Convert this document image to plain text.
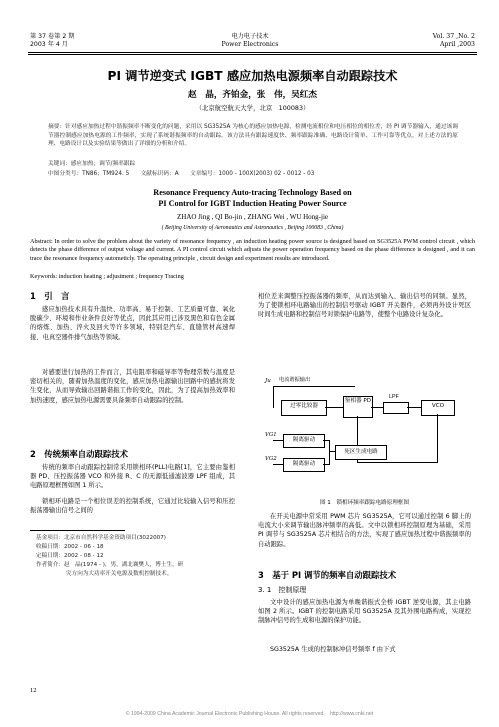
第 37 卷第 2 期
2003 年 4 月
电力电子技术
Power Electronics
Vol. 37 ,No. 2
April ,2003
PI 调节逆变式 IGBT 感应加热电源频率自动跟踪技术
赵　晶，齐铂金，张　伟，吴红杰
（北京航空航天大学，北京　100083）
摘要：针对感应加热过程中谐振频率不断变化的问题，采用以 SG3525A 为核心的感应加热电源，检测电流相位和电压相位的相位差，经 PI 调节器输入，通过该调节器控制感应加热电源的工作频率，实现了系统谐振频率的自动跟踪。该方法具有跟踪速度快、频率跟踪准确、电路设计简单、工作可靠等优点。对上述方法的原理、电路设计以及实验结果等做出了详细的分析和介绍。
关键词：感应加热；调节/频率跟踪
中图分类号：TN86；TM924. 5　　文献标识码：A　　文章编号：1000 - 100X(2003) 02 - 0012 - 03
Resonance Frequency Auto-tracing Technology Based on
PI Control for IGBT Induction Heating Power Source
ZHAO Jing , QI Bo-jin , ZHANG Wei , WU Hong-jie
( Beijing University of Aeronautics and Astronautics , Beijing 100083 , China)
Abstract: In order to solve the problem about the variety of resonance frequency , an induction heating power source is designed based on SG3525A PWM control circuit , which detects the phase difference of output voltage and current. A PI control circuit which adjusts the power operation frequency based on the phase difference is designed , and it can trace the resonance frequency autometicly. The operating principle , circuit design and experiment results are introduced.
Keywords: induction heating ; adjustment ; frequency Tracing
1　引　言
感应加热技术具有升温快、功率高、易于控制、工艺质量可靠、氧化脱碳少、环境和作业条件良好等优点，因此其应用已涉及黑色和有色金属的熔炼、加热、淬火及回火等许多领域，特别是汽车、直缝管材高速焊接、电真空器件排气加热等领域。
对感要进行加热的工件而言，其电阻率和磁导率等物理常数与温度是密切相关的，随着加热温度的变化，感应加热电源输出回路中的感抗将发生变化，从而导致输出回路谐振工作的变化，因此，为了提高加热效率和加热速度，感应加热电源需要具备频率自动跟踪的控制。
2　传统频率自动跟踪技术
传统的频率自动跟踪控制常采用锁相环(PLL)电路[1]，它主要由鉴相器 PD、压控振荡器 VCO 和外接 R、C 的无源低通滤波器 LPF 组成，其电路原理框图如图 1 所示。
锁相环电路是一个相位误差的控制系统，它通过比较输入信号和压控振荡器输出信号之间的
基金项目：北京市自然科学基金资助项目(3022007)
收稿日期：2002 - 06 - 18
定稿日期：2002 - 08 - 12
作者简介：赵　晶(1974 - )，男，湖北襄樊人，博士生，研
究方向为大功率开关电源及数机控制技术。
12
相位差来调整压控振荡器的频率，从而达到输入、输出信号的同频。显然，为了使锁相环电路输出的控制信号驱动 IGBT 开关器件，必须再外设计死区时间生成电路和控制信号对锁保护电路等，使整个电路设计复杂化。
Ju 电流谐振输出
过零比较器
鉴相器 PD
LPF
VCO
VG1
VG2
隔离驱动
隔离驱动
死区生成电路
图 1　锁相环频率跟踪电路原理框图
在开关电源中常采用 PWM 芯片 SG3525A，它可以通过控制 6 脚上的电流大小来调节输出脉冲频率的高低。文中以锁相环控制原理为基础，采用 PI 调节与 SG3525A 芯片相结合的方法，实现了感应加热过程中谐振频率的自动跟踪。
3　基于 PI 调节的频率自动跟踪技术
3. 1　控制原理
文中设计的感应加热电源为单晚谐振式全桥 IGBT 逆变电源，其主电路如图 2 所示。IGBT 的控制电路采用 SG3525A 及其外围电路构成，实现控制脉冲信号的生成和电源的保护功能。
SG3525A 生成的控制脉冲信号频率 f 由下式
© 1994-2009 China Academic Journal Electronic Publishing House. All rights reserved.　http://www.cnki.net
